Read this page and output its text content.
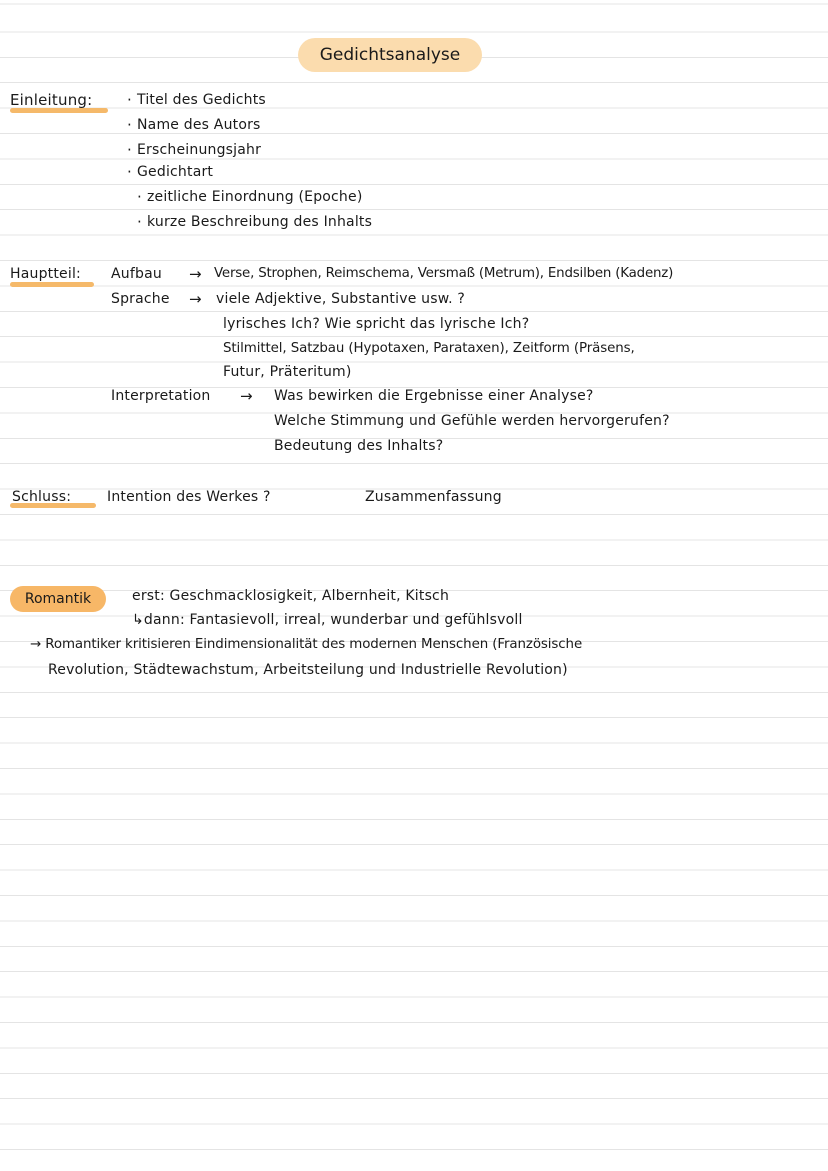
Gedichtsanalyse
Einleitung: · Titel des Gedichts
· Name des Autors
· Erscheinungsjahr
· Gedichtart
· zeitliche Einordnung (Epoche)
· kurze Beschreibung des Inhalts
Hauptteil: Aufbau → Verse, Strophen, Reimschema, Versmaß (Metrum), Endsilben (Kadenz)
Sprache → viele Adjektive, Substantive usw. ?
lyrisches Ich? Wie spricht das lyrische Ich?
Stilmittel, Satzbau (Hypotaxen, Parataxen), Zeitform (Präsens,
Futur, Präteritum)
Interpretation → Was bewirken die Ergebnisse einer Analyse?
Welche Stimmung und Gefühle werden hervorgerufen?
Bedeutung des Inhalts?
Schluss:	Intention des Werkes ?	Zusammenfassung
Romantik	erst: Geschmacklosigkeit, Albernheit, Kitsch
↳dann: Fantasievoll, irreal, wunderbar und gefühlsvoll
→ Romantiker kritisieren Eindimensionalität des modernen Menschen (Französische
Revolution, Städtewachstum, Arbeitsteilung und Industrielle Revolution)
